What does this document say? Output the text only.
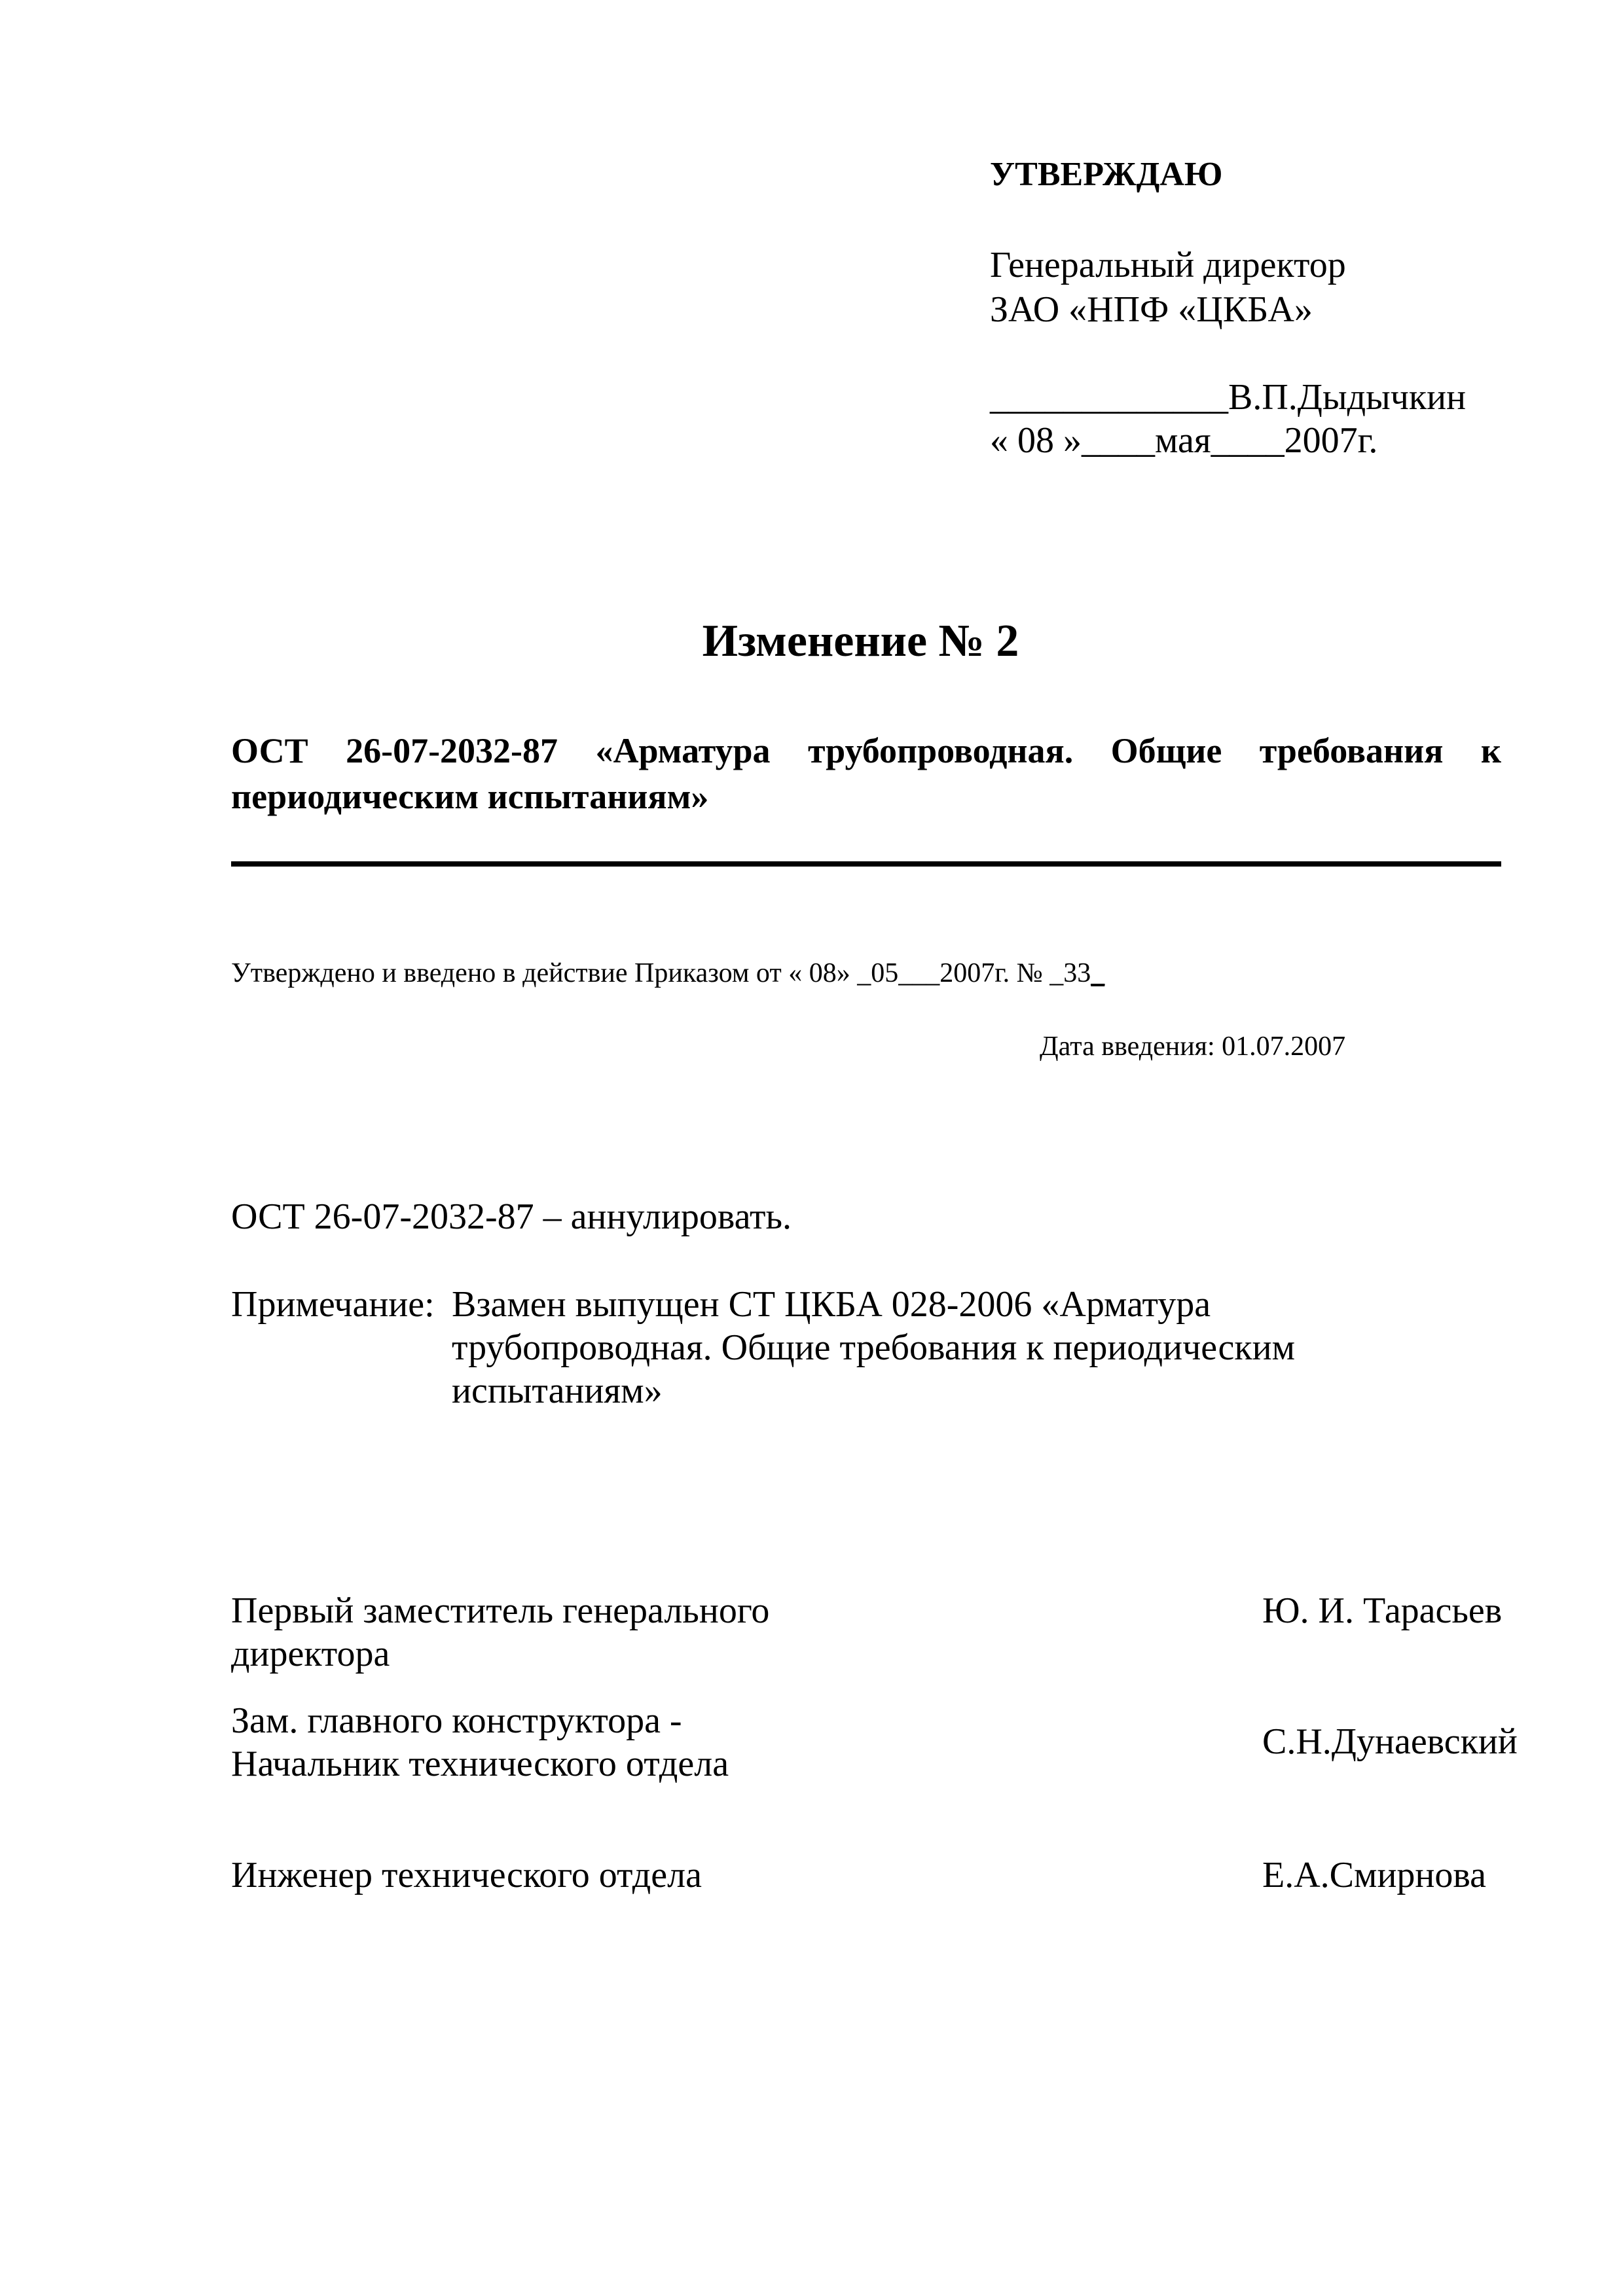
УТВЕРЖДАЮ
Генеральный директор
ЗАО «НПФ «ЦКБА»
_____________В.П.Дыдычкин
« 08 »____мая____2007г.
Изменение № 2
ОСТ 26-07-2032-87 «Арматура трубопроводная. Общие требования к
периодическим испытаниям»
Утверждено и введено в действие Приказом от « 08» _05___2007г. № _33_
Дата введения: 01.07.2007
ОСТ 26-07-2032-87 – аннулировать.
Примечание: Взамен выпущен СТ ЦКБА 028-2006 «Арматура
трубопроводная. Общие требования к периодическим
испытаниям»
Первый заместитель генерального
директора
Ю. И. Тарасьев
Зам. главного конструктора -
Начальник технического отдела
С.Н.Дунаевский
Инженер технического отдела	Е.А.Смирнова
